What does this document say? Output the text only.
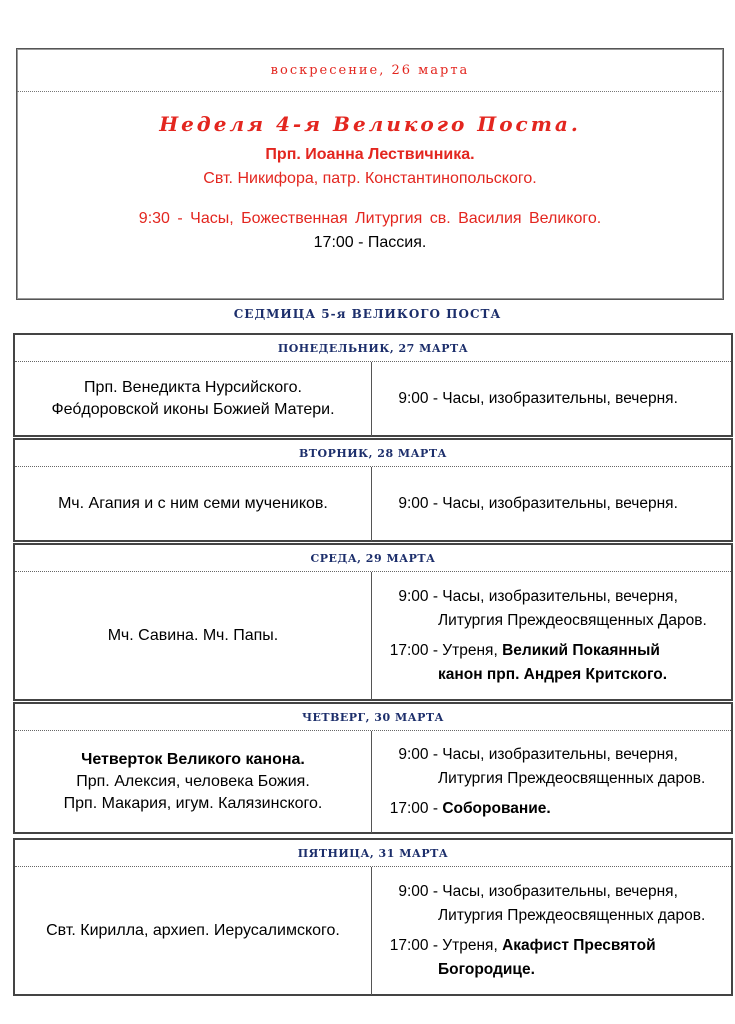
воскресение, 26 марта
Неделя 4-я Великого Поста.
Прп. Иоанна Лествичника.
Свт. Никифора, патр. Константинопольского.
9:30 - Часы, Божественная Литургия св. Василия Великого.
17:00 - Пассия.
СЕДМИЦА 5-я ВЕЛИКОГО ПОСТА
ПОНЕДЕЛЬНИК, 27 МАРТА
Прп. Венедикта Нурсийского.
Феóдоровской иконы Божией Матери.
9:00 - Часы, изобразительны, вечерня.
ВТОРНИК, 28 МАРТА
Мч. Агапия и с ним семи мучеников.	9:00 - Часы, изобразительны, вечерня.
СРЕДА, 29 МАРТА
Мч. Савина. Мч. Папы.
9:00 - Часы, изобразительны, вечерня,
Литургия Преждеосвященных Даров.
17:00 - Утреня, Великий Покаянный
канон прп. Андрея Критского.
ЧЕТВЕРГ, 30 МАРТА
Четверток Великого канона.
Прп. Алексия, человека Божия.
Прп. Макария, игум. Калязинского.
9:00 - Часы, изобразительны, вечерня,
Литургия Преждеосвященных даров.
17:00 - Соборование.
ПЯТНИЦА, 31 МАРТА
Свт. Кирилла, архиеп. Иерусалимского.
9:00 - Часы, изобразительны, вечерня,
Литургия Преждеосвященных даров.
17:00 - Утреня, Акафист Пресвятой
Богородице.
